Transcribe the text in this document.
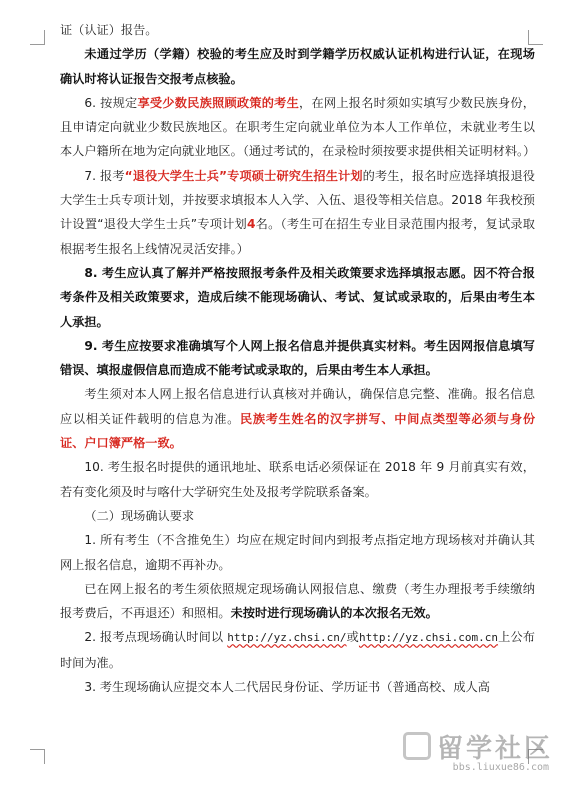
证（认证）报告。

未通过学历（学籍）校验的考生应及时到学籍学历权威认证机构进行认证，在现场确认时将认证报告交报考点核验。

6. 按规定享受少数民族照顾政策的考生，在网上报名时须如实填写少数民族身份，且申请定向就业少数民族地区。在职考生定向就业单位为本人工作单位，未就业考生以本人户籍所在地为定向就业地区。（通过考试的，在录检时须按要求提供相关证明材料。）

7. 报考“退役大学生士兵”专项硕士研究生招生计划的考生，报名时应选择填报退役大学生士兵专项计划，并按要求填报本人入学、入伍、退役等相关信息。2018 年我校预计设置“退役大学生士兵”专项计划4名。（考生可在招生专业目录范围内报考，复试录取根据考生报名上线情况灵活安排。）

8. 考生应认真了解并严格按照报考条件及相关政策要求选择填报志愿。因不符合报考条件及相关政策要求，造成后续不能现场确认、考试、复试或录取的，后果由考生本人承担。

9. 考生应按要求准确填写个人网上报名信息并提供真实材料。考生因网报信息填写错误、填报虚假信息而造成不能考试或录取的，后果由考生本人承担。

考生须对本人网上报名信息进行认真核对并确认，确保信息完整、准确。报名信息应以相关证件载明的信息为准。民族考生姓名的汉字拼写、中间点类型等必须与身份证、户口簿严格一致。

10. 考生报名时提供的通讯地址、联系电话必须保证在 2018 年 9 月前真实有效，若有变化须及时与喀什大学研究生处及报考学院联系备案。

（二）现场确认要求

1. 所有考生（不含推免生）均应在规定时间内到报考点指定地方现场核对并确认其网上报名信息，逾期不再补办。

已在网上报名的考生须依照规定现场确认网报信息、缴费（考生办理报考手续缴纳报考费后，不再退还）和照相。未按时进行现场确认的本次报名无效。

2. 报考点现场确认时间以 http://yz.chsi.cn/或http://yz.chsi.com.cn上公布时间为准。

3. 考生现场确认应提交本人二代居民身份证、学历证书（普通高校、成人高

留学社区
bbs.liuxue86.com
